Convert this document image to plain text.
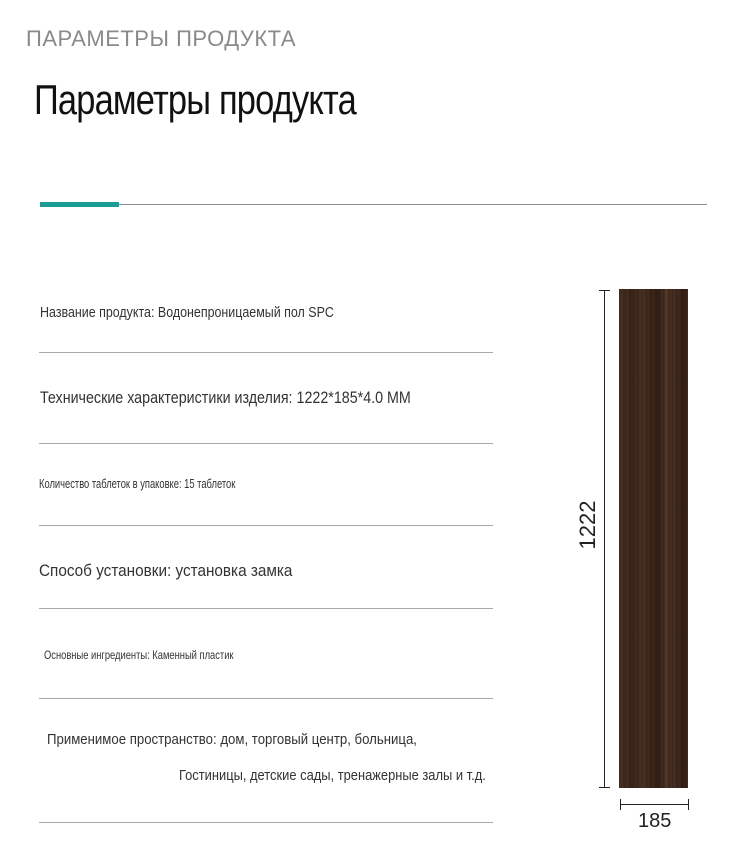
ПАРАМЕТРЫ ПРОДУКТА
Параметры продукта
Название продукта: Водонепроницаемый пол SPC
Технические характеристики изделия: 1222*185*4.0 MM
Количество таблеток в упаковке: 15 таблеток
Способ установки: установка замка
Основные ингредиенты: Каменный пластик
Применимое пространство: дом, торговый центр, больница,
Гостиницы, детские сады, тренажерные залы и т.д.
1222
185
